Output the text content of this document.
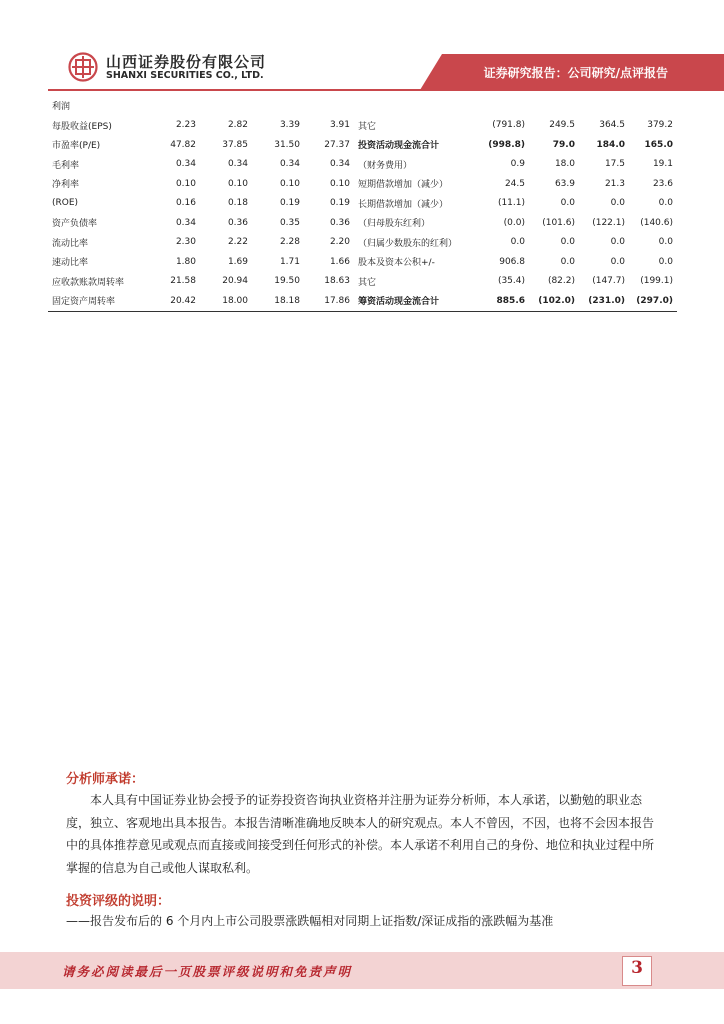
山西证券股份有限公司
SHANXI SECURITIES CO., LTD.	证券研究报告：公司研究/点评报告
利润									
每股收益(EPS)	2.23	2.82	3.39	3.91	其它	(791.8)	249.5	364.5	379.2
市盈率(P/E)	47.82	37.85	31.50	27.37	投资活动现金流合计	(998.8)	79.0	184.0	165.0
毛利率	0.34	0.34	0.34	0.34	（财务费用）	0.9	18.0	17.5	19.1
净利率	0.10	0.10	0.10	0.10	短期借款增加（减少）	24.5	63.9	21.3	23.6
(ROE)	0.16	0.18	0.19	0.19	长期借款增加（减少）	(11.1)	0.0	0.0	0.0
资产负债率	0.34	0.36	0.35	0.36	（归母股东红利）	(0.0)	(101.6)	(122.1)	(140.6)
流动比率	2.30	2.22	2.28	2.20	（归属少数股东的红利）	0.0	0.0	0.0	0.0
速动比率	1.80	1.69	1.71	1.66	股本及资本公积+/-	906.8	0.0	0.0	0.0
应收款账款周转率	21.58	20.94	19.50	18.63	其它	(35.4)	(82.2)	(147.7)	(199.1)
固定资产周转率	20.42	18.00	18.18	17.86	筹资活动现金流合计	885.6	(102.0)	(231.0)	(297.0)
分析师承诺：

本人具有中国证券业协会授予的证券投资咨询执业资格并注册为证券分析师，本人承诺，以勤勉的职业态度，独立、客观地出具本报告。本报告清晰准确地反映本人的研究观点。本人不曾因，不因，也将不会因本报告中的具体推荐意见或观点而直接或间接受到任何形式的补偿。本人承诺不利用自己的身份、地位和执业过程中所掌握的信息为自己或他人谋取私利。

投资评级的说明：
——报告发布后的 6 个月内上市公司股票涨跌幅相对同期上证指数/深证成指的涨跌幅为基准
请务必阅读最后一页股票评级说明和免责声明	3
